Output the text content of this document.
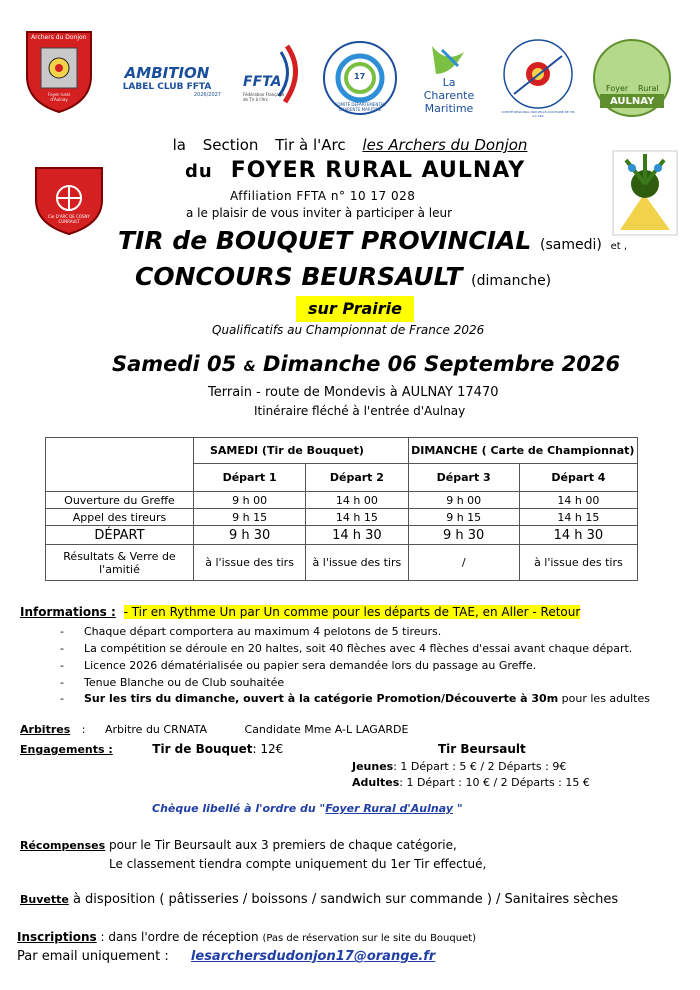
Archers du Donjon
Foyer rural d'Aulnay
AMBITION
LABEL CLUB FFTA
2026/2027
FFTA
Fédération Française de Tir à l'Arc
COMITÉ DÉPARTEMENTAL CHARENTE MARITIME
17	La Charente Maritime	COMITÉ RÉGIONAL NOUVELLE-AQUITAINE DE TIR À L'ARC
Foyer Rural
AULNAY
Cie D'ARC DE COSNY CUNRAULT
la Section Tir à l'Arc les Archers du Donjon
du FOYER RURAL AULNAY
Affiliation FFTA n° 10 17 028
a le plaisir de vous inviter à participer à leur
TIR de BOUQUET PROVINCIAL (samedi) et ,
CONCOURS BEURSAULT (dimanche)
sur Prairie
Qualificatifs au Championnat de France 2026
Samedi 05 & Dimanche 06 Septembre 2026
Terrain - route de Mondevis à AULNAY 17470
Itinéraire fléché à l'entrée d'Aulnay
	SAMEDI (Tir de Bouquet)		DIMANCHE ( Carte de Championnat)	
	Départ 1	Départ 2	Départ 3	Départ 4
Ouverture du Greffe	9 h 00	14 h 00	9 h 00	14 h 00
Appel des tireurs	9 h 15	14 h 15	9 h 15	14 h 15
DÉPART	9 h 30	14 h 30	9 h 30	14 h 30
Résultats & Verre de
l'amitié	à l'issue des tirs	à l'issue des tirs	/	à l'issue des tirs
Informations : - Tir en Rythme Un par Un comme pour les départs de TAE, en Aller - Retour
- Chaque départ comportera au maximum 4 pelotons de 5 tireurs.
- La compétition se déroule en 20 haltes, soit 40 flèches avec 4 flèches d'essai avant chaque départ.
- Licence 2026 dématérialisée ou papier sera demandée lors du passage au Greffe.
- Tenue Blanche ou de Club souhaitée
- Sur les tirs du dimanche, ouvert à la catégorie Promotion/Découverte à 30m pour les adultes
Arbitres : Arbitre du CRNATA	Candidate Mme A-L LAGARDE
Engagements :	Tir de Bouquet: 12€	Tir Beursault
Jeunes: 1 Départ : 5 € / 2 Départs : 9€
Adultes: 1 Départ : 10 € / 2 Départs : 15 €
Chèque libellé à l'ordre du "Foyer Rural d'Aulnay "
Récompenses pour le Tir Beursault aux 3 premiers de chaque catégorie,
Le classement tiendra compte uniquement du 1er Tir effectué,
Buvette à disposition ( pâtisseries / boissons / sandwich sur commande ) / Sanitaires sèches
Inscriptions : dans l'ordre de réception (Pas de réservation sur le site du Bouquet)
Par email uniquement : lesarchersdudonjon17@orange.fr
